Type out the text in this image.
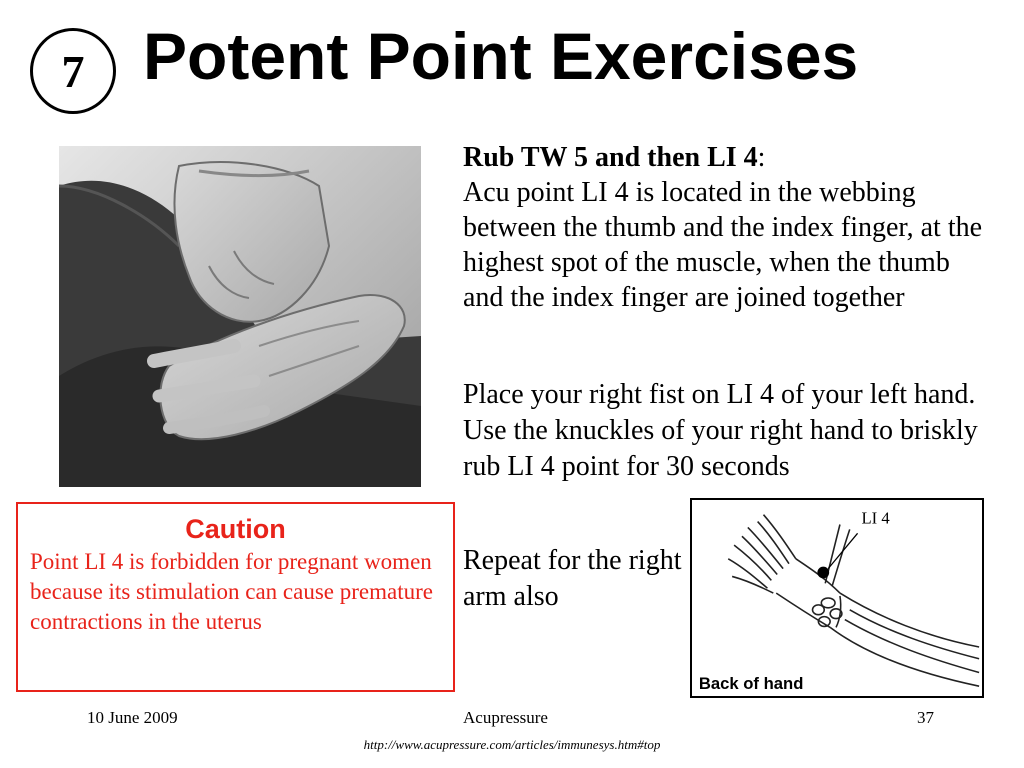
7 Potent Point Exercises

Rub TW 5 and then LI 4:

Acu point LI 4 is located in the webbing between the thumb and the index finger, at the highest spot of the muscle, when the thumb and the index finger are joined together

Place your right fist on LI 4 of your left hand. Use the knuckles of your right hand to briskly rub LI 4 point for 30 seconds

Repeat for the right arm also

Caution

Point LI 4 is forbidden for pregnant women because its stimulation can cause premature contractions in the uterus

LI 4
Back of hand
10 June 2009	Acupressure	37
http://www.acupressure.com/articles/immunesys.htm#top
